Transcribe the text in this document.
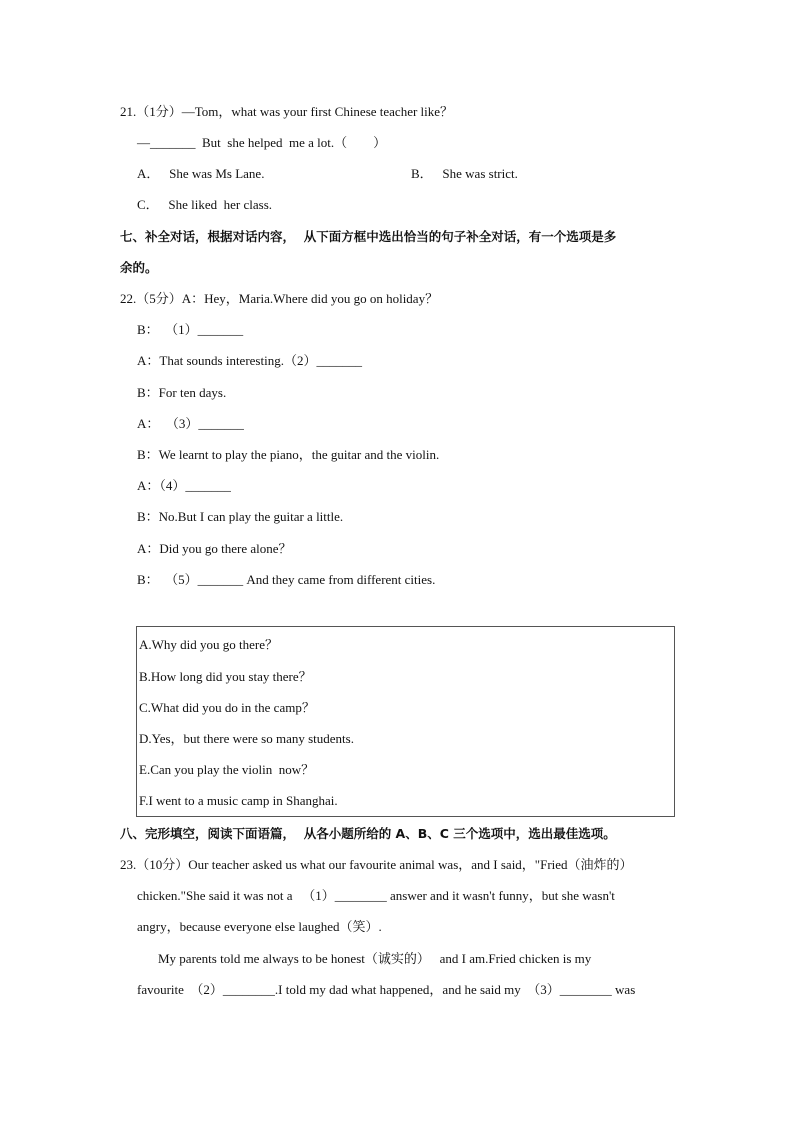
21.（1分）—Tom，what was your first Chinese teacher like？
—_______  But  she helped  me a lot.（        ）
A．   She was Ms Lane.	B．   She was strict.
C．   She liked  her class.
七、补全对话，根据对话内容，  从下面方框中选出恰当的句子补全对话，有一个选项是多
余的。
22.（5分）A：Hey，Maria.Where did you go on holiday？
B：  （1）_______
A：That sounds interesting.（2）_______
B：For ten days.
A：  （3）_______
B：We learnt to play the piano，the guitar and the violin.
A：（4）_______
B：No.But I can play the guitar a little.
A：Did you go there alone？
B：  （5）_______ And they came from different cities.
A.Why did you go there？
B.How long did you stay there？
C.What did you do in the camp？
D.Yes，but there were so many students.
E.Can you play the violin  now？
F.I went to a music camp in Shanghai.
八、完形填空，阅读下面语篇，  从各小题所给的 A、B、C 三个选项中，选出最佳选项。
23.（10分）Our teacher asked us what our favourite animal was，and I said，"Fried（油炸的）
chicken."She said it was not a   （1）________ answer and it wasn't funny，but she wasn't
angry，because everyone else laughed（笑）.
My parents told me always to be honest（诚实的）   and I am.Fried chicken is my
favourite  （2）________.I told my dad what happened，and he said my  （3）________ was
